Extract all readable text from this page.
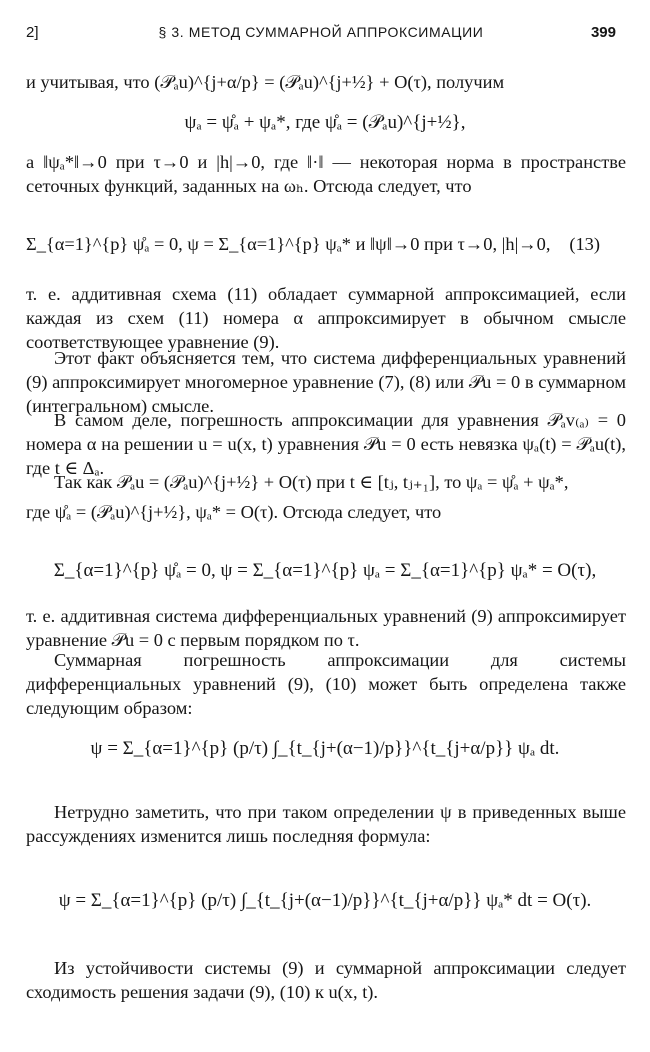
2]	§ 3. МЕТОД СУММАРНОЙ АППРОКСИМАЦИИ	399
и учитывая, что (𝒫ₐu)^{j+α/p} = (𝒫ₐu)^{j+½} + O(τ), получим
ψₐ = ψ̊ₐ + ψₐ*, где ψ̊ₐ = (𝒫ₐu)^{j+½},
а ‖ψₐ*‖→0 при τ→0 и |h|→0, где ‖·‖ — некоторая норма в пространстве сеточных функций, заданных на ωₕ. Отсюда следует, что
Σ_{α=1}^{p} ψ̊ₐ = 0, ψ = Σ_{α=1}^{p} ψₐ* и ‖ψ‖→0 при τ→0, |h|→0, (13)
т. е. аддитивная схема (11) обладает суммарной аппроксимацией, если каждая из схем (11) номера α аппроксимирует в обычном смысле соответствующее уравнение (9).
Этот факт объясняется тем, что система дифференциальных уравнений (9) аппроксимирует многомерное уравнение (7), (8) или 𝒫u = 0 в суммарном (интегральном) смысле.
В самом деле, погрешность аппроксимации для уравнения 𝒫ₐv₍ₐ₎ = 0 номера α на решении u = u(x, t) уравнения 𝒫u = 0 есть невязка ψₐ(t) = 𝒫ₐu(t), где t ∈ Δₐ.
Так как 𝒫ₐu = (𝒫ₐu)^{j+½} + O(τ) при t ∈ [tⱼ, tⱼ₊₁], то ψₐ = ψ̊ₐ + ψₐ*,
где ψ̊ₐ = (𝒫ₐu)^{j+½}, ψₐ* = O(τ). Отсюда следует, что
Σ_{α=1}^{p} ψ̊ₐ = 0, ψ = Σ_{α=1}^{p} ψₐ = Σ_{α=1}^{p} ψₐ* = O(τ),
т. е. аддитивная система дифференциальных уравнений (9) аппроксимирует уравнение 𝒫u = 0 с первым порядком по τ.
Суммарная погрешность аппроксимации для системы дифференциальных уравнений (9), (10) может быть определена также следующим образом:
ψ = Σ_{α=1}^{p} (p/τ) ∫_{t_{j+(α−1)/p}}^{t_{j+α/p}} ψₐ dt.
Нетрудно заметить, что при таком определении ψ в приведенных выше рассуждениях изменится лишь последняя формула:
ψ = Σ_{α=1}^{p} (p/τ) ∫_{t_{j+(α−1)/p}}^{t_{j+α/p}} ψₐ* dt = O(τ).
Из устойчивости системы (9) и суммарной аппроксимации следует сходимость решения задачи (9), (10) к u(x, t).
